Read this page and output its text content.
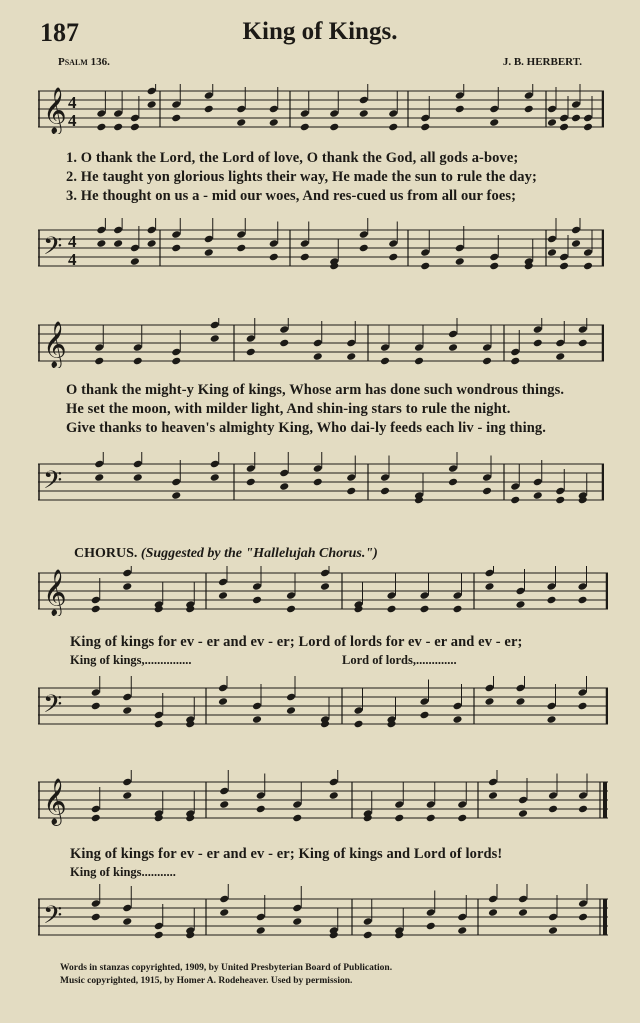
187	King of Kings.
Psalm 136.	J. B. HERBERT.
𝄞 4
4
1. O thank the Lord, the Lord of love, O thank the God, all gods a-bove;
2. He taught yon glorious lights their way, He made the sun to rule the day;
3. He thought on us a - mid our woes, And res-cued us from all our foes;
𝄢 4
4
𝄞
O thank the might-y King of kings, Whose arm has done such wondrous things.
He set the moon, with milder light, And shin-ing stars to rule the night.
Give thanks to heaven's almighty King, Who dai-ly feeds each liv - ing thing.
𝄢
CHORUS. (Suggested by the "Hallelujah Chorus.")
𝄞
King of kings for ev - er and ev - er; Lord of lords for ev - er and ev - er;
King of kings,...............	Lord of lords,.............
𝄢
𝄞
King of kings for ev - er and ev - er; King of kings and Lord of lords!
King of kings...........
𝄢
Words in stanzas copyrighted, 1909, by United Presbyterian Board of Publication.
Music copyrighted, 1915, by Homer A. Rodeheaver. Used by permission.
